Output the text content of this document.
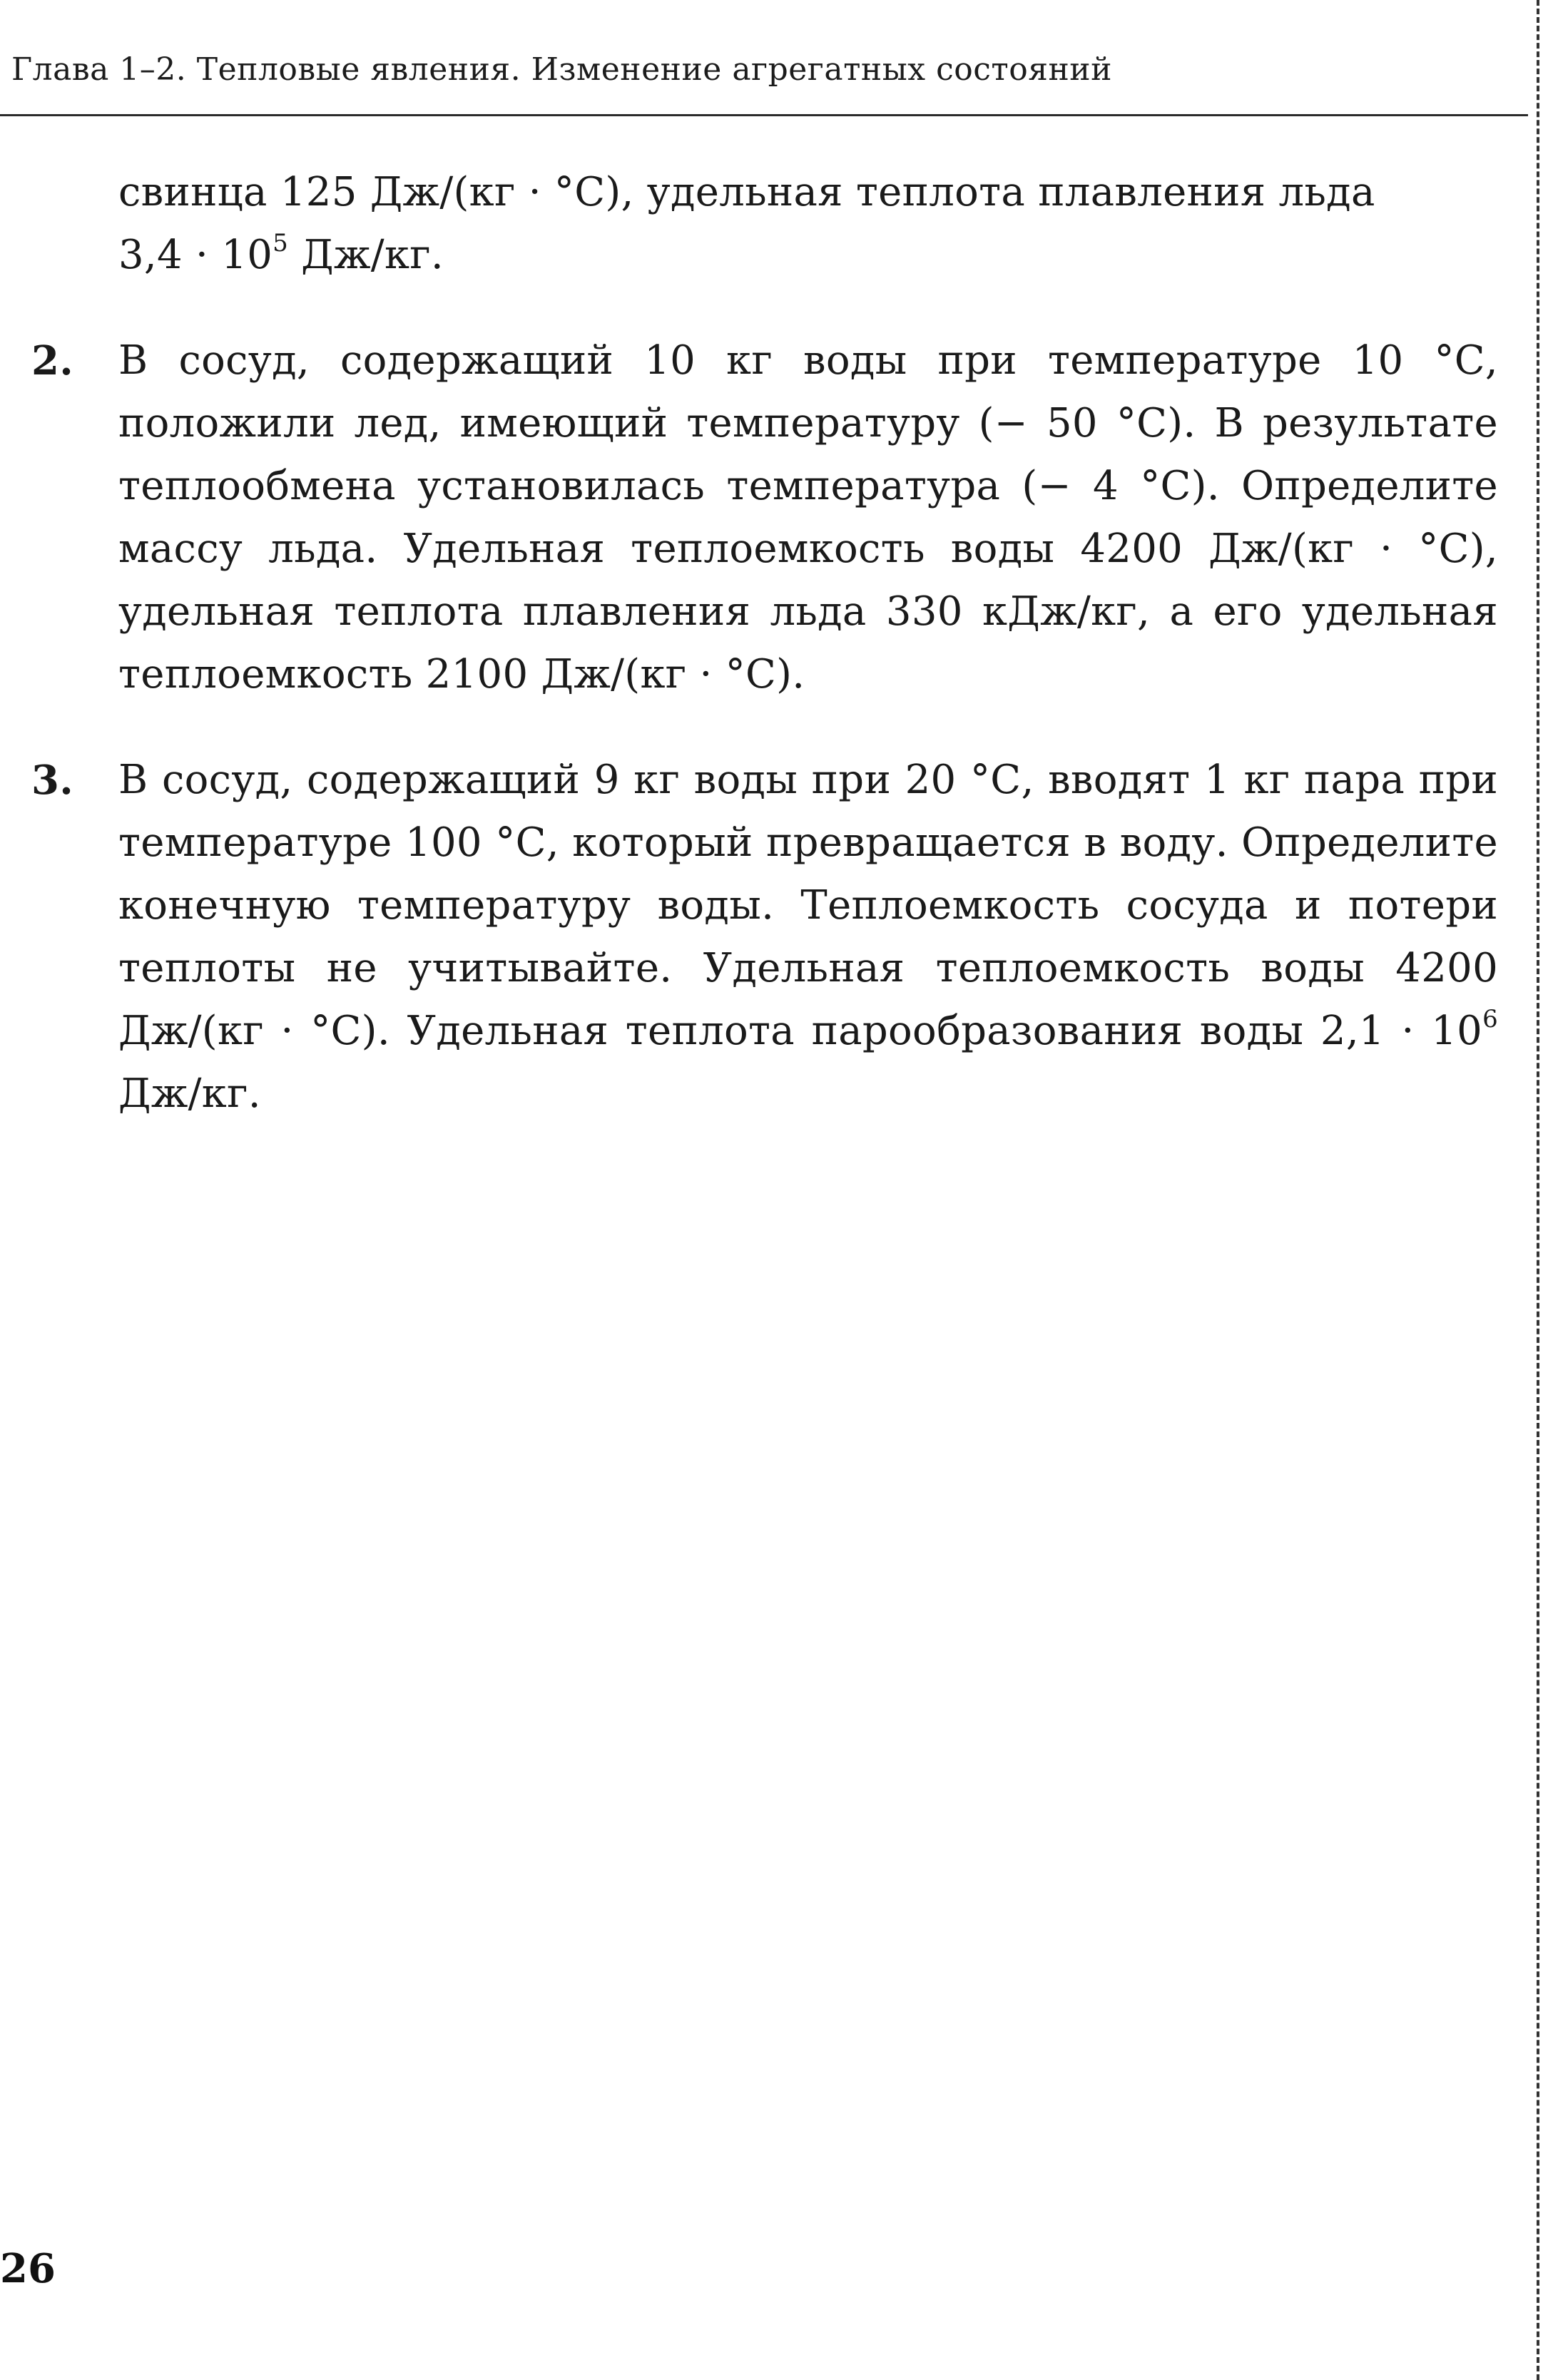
Глава 1–2. Тепловые явления. Изменение агрегатных состояний
свинца 125 Дж/(кг · °С), удельная теплота плавления льда
$3,4 \cdot 10^5$ Дж/кг.
2. В сосуд, содержащий 10 кг воды при температуре 10 °С, положили лед, имеющий температуру (− 50 °С). В результате теплообмена установилась температура (− 4 °С). Определите массу льда. Удельная теплоемкость воды 4200 Дж/(кг · °С), удельная теплота плавления льда 330 кДж/кг, а его удельная теплоемкость 2100 Дж/(кг · °С).
3. В сосуд, содержащий 9 кг воды при 20 °С, вводят 1 кг пара при температуре 100 °С, который превращается в воду. Определите конечную температуру воды. Теплоемкость сосуда и потери теплоты не учитывайте. Удельная теплоемкость воды 4200 Дж/(кг · °С). Удельная теплота парообразования воды $2,1 \cdot 10^6$ Дж/кг.
26
